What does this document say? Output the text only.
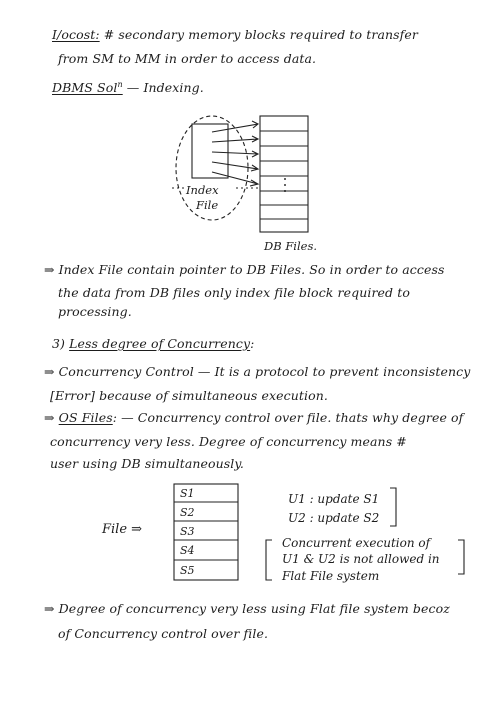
I/ocost: # secondary memory blocks required to transfer
from SM to MM in order to access data.
DBMS Sol$^n$ — Indexing.
Index
File
DB Files.
⇒ Index File contain pointer to DB Files. So in order to access
the data from DB files only index file block required to
processing.
3) Less degree of Concurrency:
⇒ Concurrency Control — It is a protocol to prevent inconsistency
[Error] because of simultaneous execution.
⇒ OS Files: — Concurrency control over file. thats why degree of
concurrency very less. Degree of concurrency means #
user using DB simultaneously.
File ⇒
S1
S2
S3
S4
S5
U1 : update S1
U2 : update S2
Concurrent execution of
U1 & U2 is not allowed in
Flat File system
⇒ Degree of concurrency very less using Flat file system becoz
of Concurrency control over file.
